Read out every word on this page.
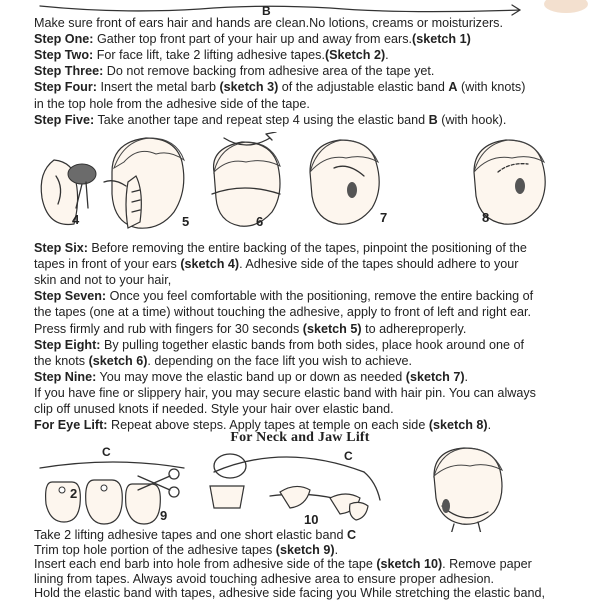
B
Make sure front of ears hair and hands are clean.No lotions, creams or moisturizers.
Step One: Gather top front part of your hair up and away from ears.(sketch 1)
Step Two: For face lift, take 2 lifting adhesive tapes.(Sketch 2).
Step Three: Do not remove backing from adhesive area of the tape yet.
Step Four: Insert the metal barb (sketch 3) of the adjustable elastic band A (with knots)
in the top hole from the adhesive side of the tape.
Step Five: Take another tape and repeat step 4 using the elastic band B (with hook).
4	5	6	7	8
Step Six: Before removing the entire backing of the tapes, pinpoint the positioning of the
tapes in front of your ears (sketch 4). Adhesive side of the tapes should adhere to your
skin and not to your hair,
Step Seven: Once you feel comfortable with the positioning, remove the entire backing of
the tapes (one at a time) without touching the adhesive, apply to front of left and right ear.
Press firmly and rub with fingers for 30 seconds (sketch 5) to adhereproperly.
Step Eight: By pulling together elastic bands from both sides, place hook around one of
the knots (sketch 6). depending on the face lift you wish to achieve.
Step Nine: You may move the elastic band up or down as needed (sketch 7).
If you have fine or slippery hair, you may secure elastic band with hair pin. You can always
clip off unused knots if needed. Style your hair over elastic band.
For Eye Lift: Repeat above steps. Apply tapes at temple on each side (sketch 8).
For Neck and Jaw Lift
C
2
9
C
10
Take 2 lifting adhesive tapes and one short elastic band C
Trim top hole portion of the adhesive tapes (sketch 9).
Insert each end barb into hole from adhesive side of the tape (sketch 10). Remove paper
lining from tapes. Always avoid touching adhesive area to ensure proper adhesion.
Hold the elastic band with tapes, adhesive side facing you While stretching the elastic band,
